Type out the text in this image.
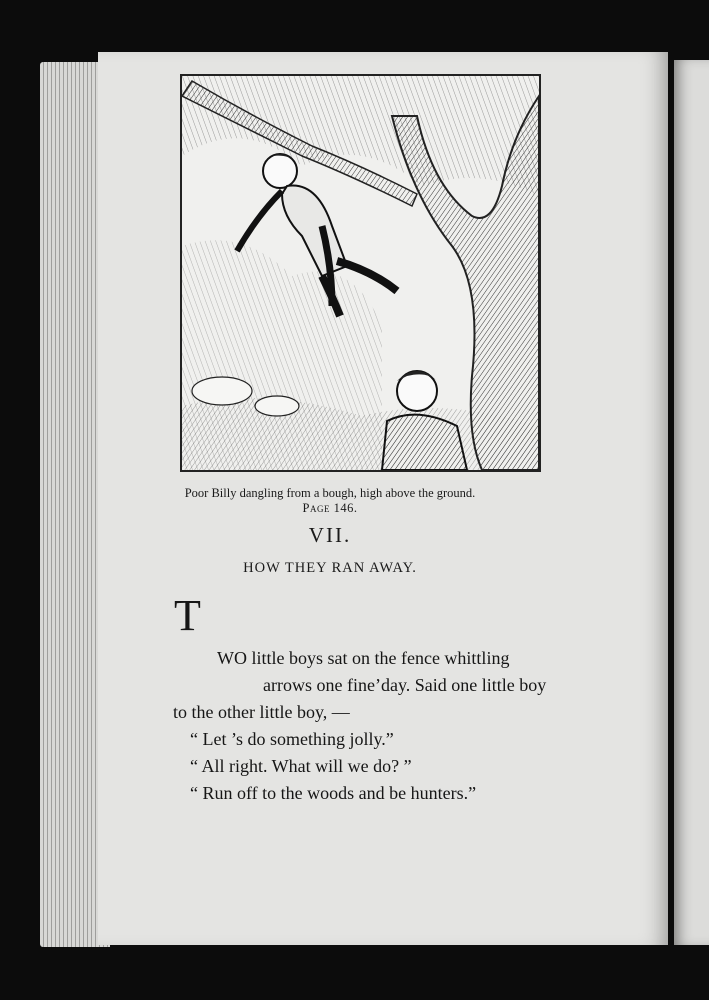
Poor Billy dangling from a bough, high above the ground.
Page 146.
VII.
HOW THEY RAN AWAY.
T
WO little boys sat on the fence whittling
arrows one fine’day. Said one little boy
to the other little boy, —
“ Let ’s do something jolly.”
“ All right. What will we do? ”
“ Run off to the woods and be hunters.”
